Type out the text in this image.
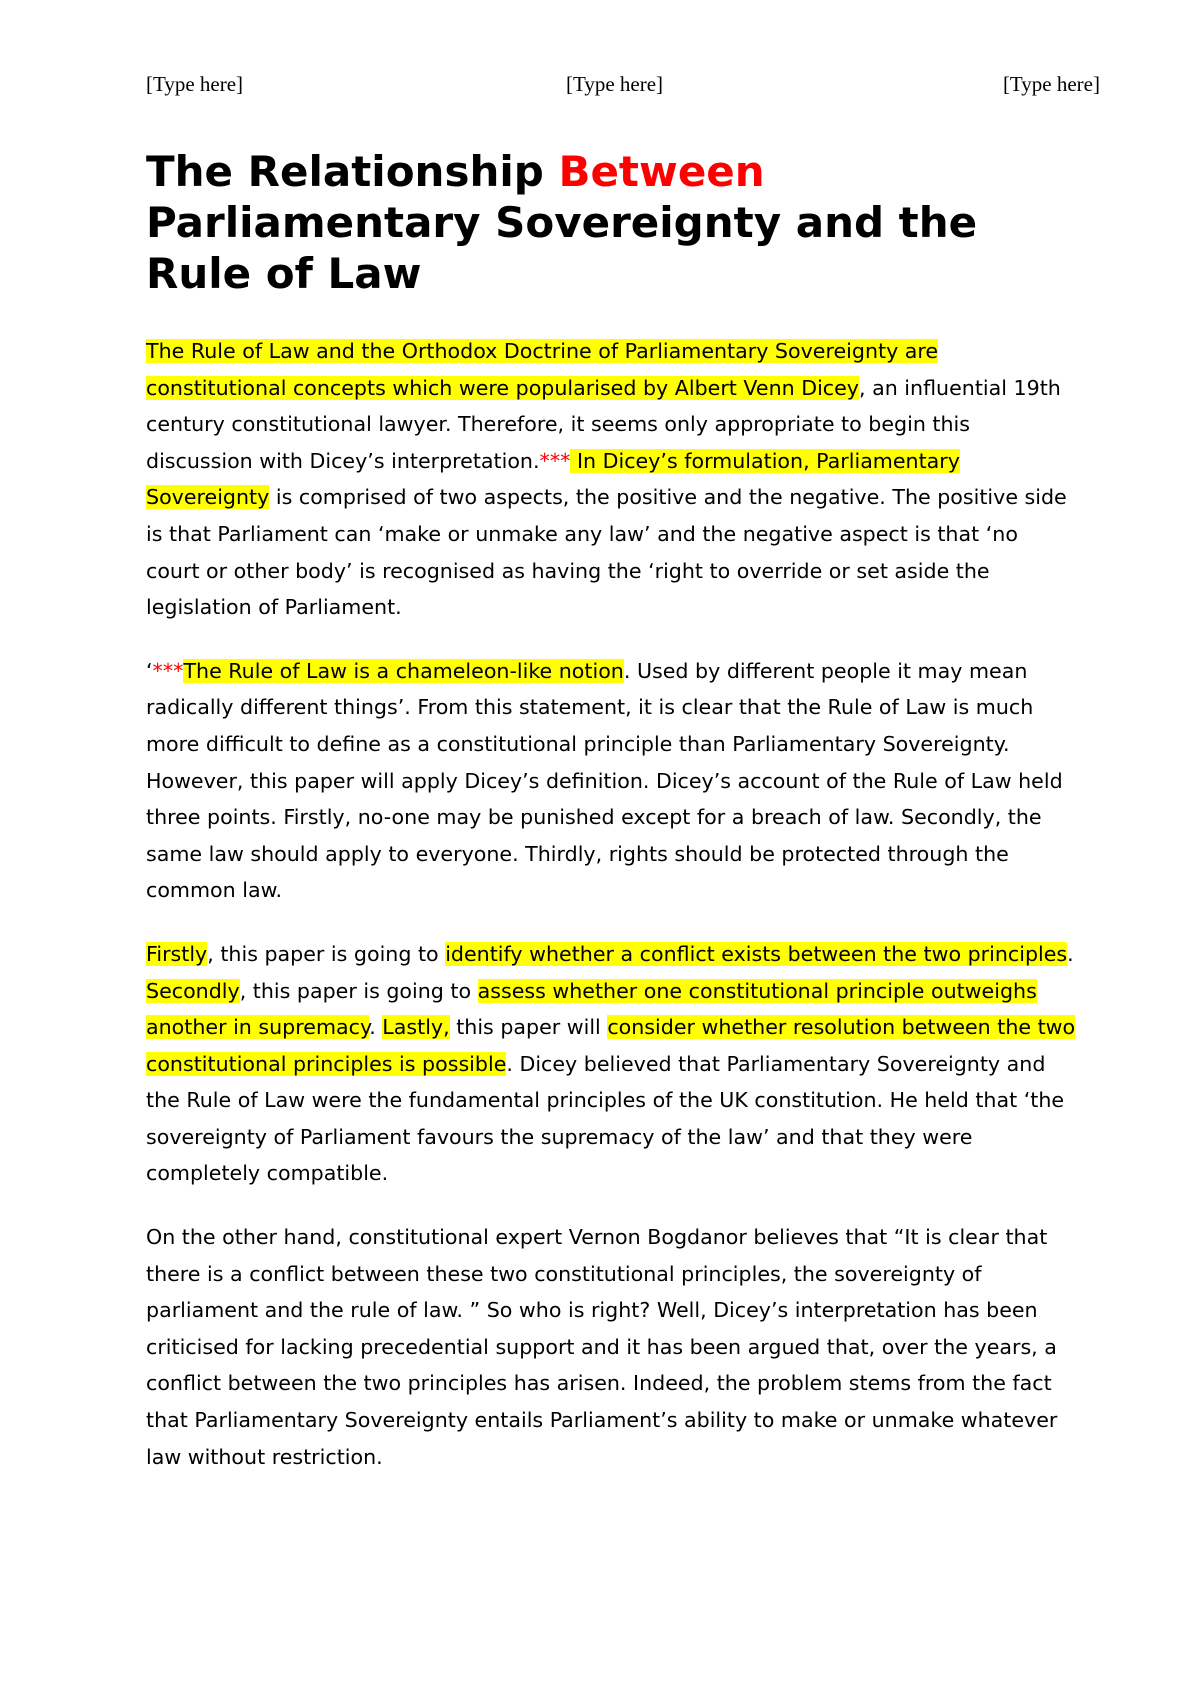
[Type here]	[Type here]	[Type here]
The Relationship Between Parliamentary Sovereignty and the Rule of Law

The Rule of Law and the Orthodox Doctrine of Parliamentary Sovereignty are constitutional concepts which were popularised by Albert Venn Dicey, an influential 19th century constitutional lawyer. Therefore, it seems only appropriate to begin this discussion with Dicey’s interpretation.*** In Dicey’s formulation, Parliamentary Sovereignty is comprised of two aspects, the positive and the negative. The positive side is that Parliament can ‘make or unmake any law’ and the negative aspect is that ‘no court or other body’ is recognised as having the ‘right to override or set aside the legislation of Parliament.

‘***The Rule of Law is a chameleon-like notion. Used by different people it may mean radically different things’. From this statement, it is clear that the Rule of Law is much more difficult to define as a constitutional principle than Parliamentary Sovereignty. However, this paper will apply Dicey’s definition. Dicey’s account of the Rule of Law held three points. Firstly, no-one may be punished except for a breach of law. Secondly, the same law should apply to everyone. Thirdly, rights should be protected through the common law.

Firstly, this paper is going to identify whether a conflict exists between the two principles. Secondly, this paper is going to assess whether one constitutional principle outweighs another in supremacy. Lastly, this paper will consider whether resolution between the two constitutional principles is possible. Dicey believed that Parliamentary Sovereignty and the Rule of Law were the fundamental principles of the UK constitution. He held that ‘the sovereignty of Parliament favours the supremacy of the law’ and that they were completely compatible.

On the other hand, constitutional expert Vernon Bogdanor believes that “It is clear that there is a conflict between these two constitutional principles, the sovereignty of parliament and the rule of law. ” So who is right? Well, Dicey’s interpretation has been criticised for lacking precedential support and it has been argued that, over the years, a conflict between the two principles has arisen. Indeed, the problem stems from the fact that Parliamentary Sovereignty entails Parliament’s ability to make or unmake whatever law without restriction.
